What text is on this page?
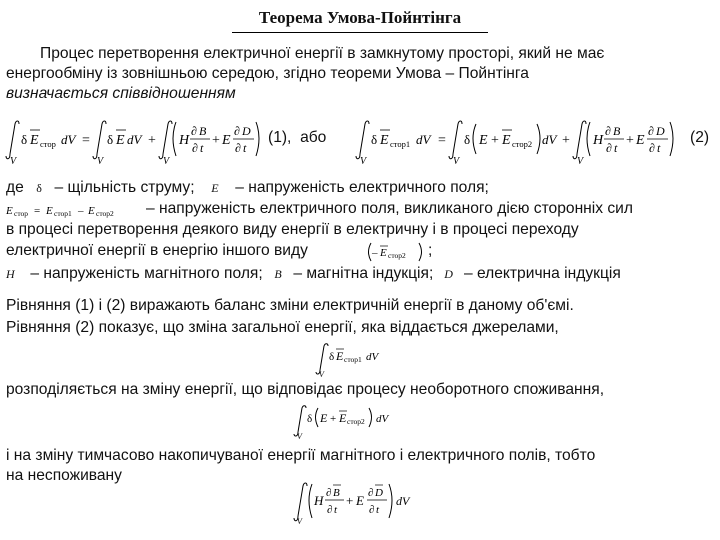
Теорема Умова-Пойнтінга
Процес перетворення електричної енергії в замкнутому просторі, який не має
енергообміну із зовнішньою середою, згідно теореми Умова – Пойнтінга
визначається співвідношенням
V
δ E стор dV =
V
δ E dV +
V
H
∂ B
∂ t + E
∂ D
∂ t
(1), або
V
δ E стор1 dV =
V
δ E + E стор2 dV +
V
H
∂ B
∂ t + E
∂ D
∂ t
(2)
де δ – щільність струму; E – напруженість електричного поля;
E стор = E стор1 – E стор2 – напруженість електричного поля, викликаного дією сторонніх сил
в процесі перетворення деякого виду енергії в електричну і в процесі переходу
електричної енергії в енергію іншого виду	– E стор2 ;
H – напруженість магнітного поля; B – магнітна індукція; D – електрична індукція
Рівняння (1) і (2) виражають баланс зміни електричній енергії в даному об'ємі.
Рівняння (2) показує, що зміна загальної енергії, яка віддається джерелами,
V
δ E стор1 dV
розподіляється на зміну енергії, що відповідає процесу необоротного споживання,
V
δ E + E стор2 dV
і на зміну тимчасово накопичуваної енергії магнітного і електричного полів, тобто
на неспоживану
V
H ∂ B
∂ t
+ E ∂ D
∂ t
dV
